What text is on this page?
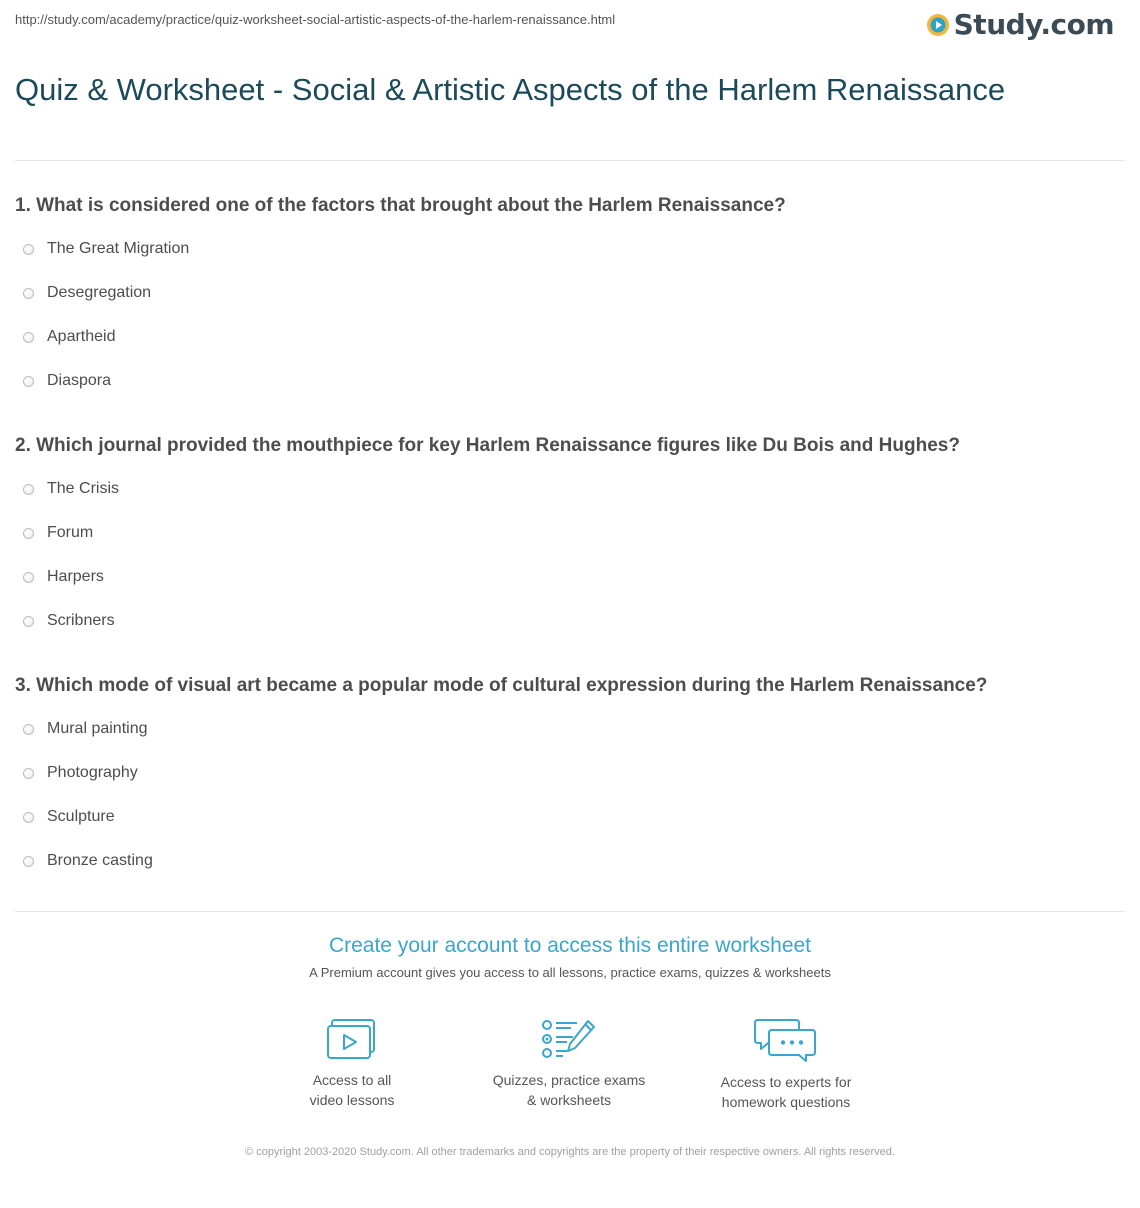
http://study.com/academy/practice/quiz-worksheet-social-artistic-aspects-of-the-harlem-renaissance.html	Study.com
Quiz & Worksheet - Social & Artistic Aspects of the Harlem Renaissance

1. What is considered one of the factors that brought about the Harlem Renaissance?

The Great Migration
Desegregation
Apartheid
Diaspora

2. Which journal provided the mouthpiece for key Harlem Renaissance figures like Du Bois and Hughes?

The Crisis
Forum
Harpers
Scribners

3. Which mode of visual art became a popular mode of cultural expression during the Harlem Renaissance?

Mural painting
Photography
Sculpture
Bronze casting
Create your account to access this entire worksheet
A Premium account gives you access to all lessons, practice exams, quizzes & worksheets
Access to all
video lessons
Quizzes, practice exams
& worksheets
Access to experts for
homework questions
© copyright 2003-2020 Study.com. All other trademarks and copyrights are the property of their respective owners. All rights reserved.
